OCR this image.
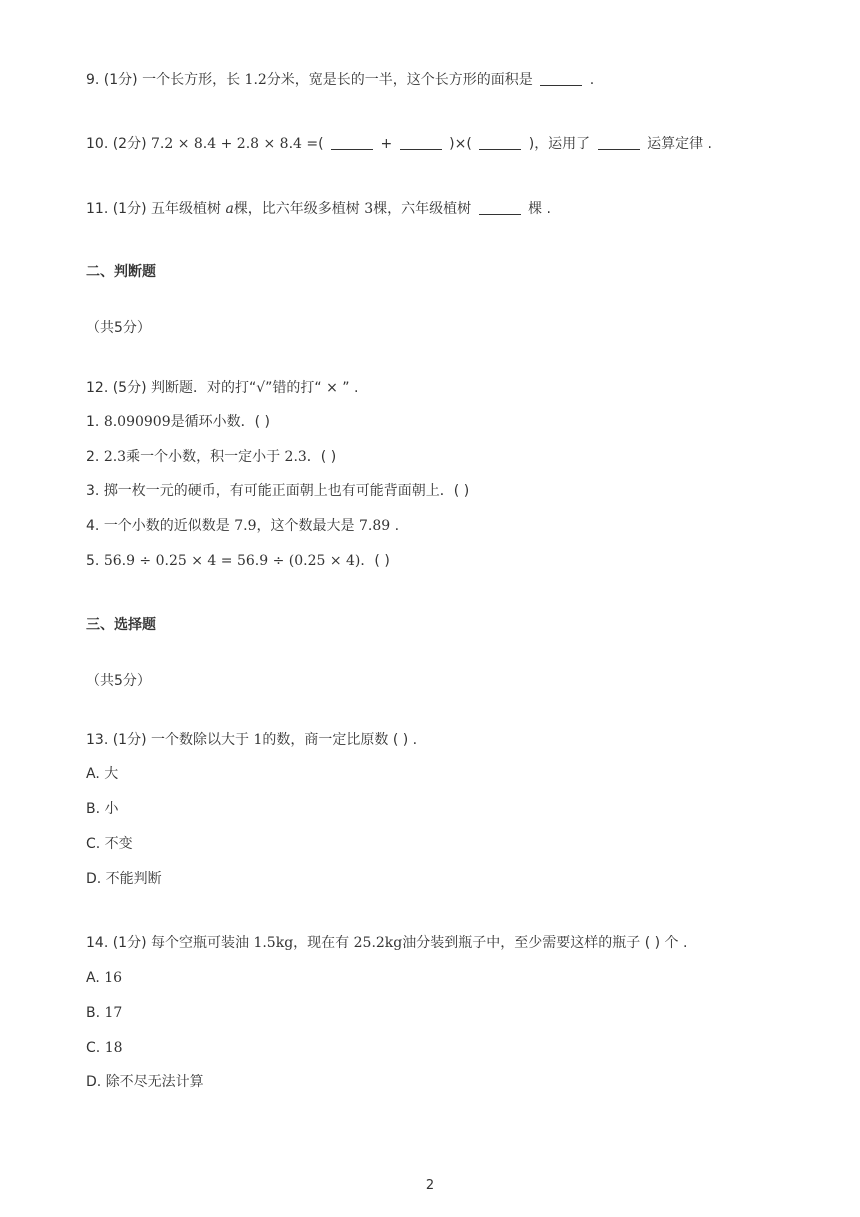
9. (1分) 一个长方形，长 1.2分米，宽是长的一半，这个长方形的面积是	.
10. (2分) 7.2 × 8.4 + 2.8 × 8.4 =(	+	)×(	)，运用了	运算定律 .
11. (1分) 五年级植树 a棵，比六年级多植树 3棵，六年级植树	棵 .
二、判断题
（共5分）
12. (5分) 判断题．对的打“√”错的打“ × ” .
1. 8.090909是循环小数．( )
2. 2.3乘一个小数，积一定小于 2.3．( )
3. 掷一枚一元的硬币，有可能正面朝上也有可能背面朝上．( )
4. 一个小数的近似数是 7.9，这个数最大是 7.89 .
5. 56.9 ÷ 0.25 × 4 = 56.9 ÷ (0.25 × 4)．( )
三、选择题
（共5分）
13. (1分) 一个数除以大于 1的数，商一定比原数 ( ) .
A. 大
B. 小
C. 不变
D. 不能判断
14. (1分) 每个空瓶可装油 1.5kg，现在有 25.2kg油分装到瓶子中，至少需要这样的瓶子 ( ) 个 .
A. 16
B. 17
C. 18
D. 除不尽无法计算
2
